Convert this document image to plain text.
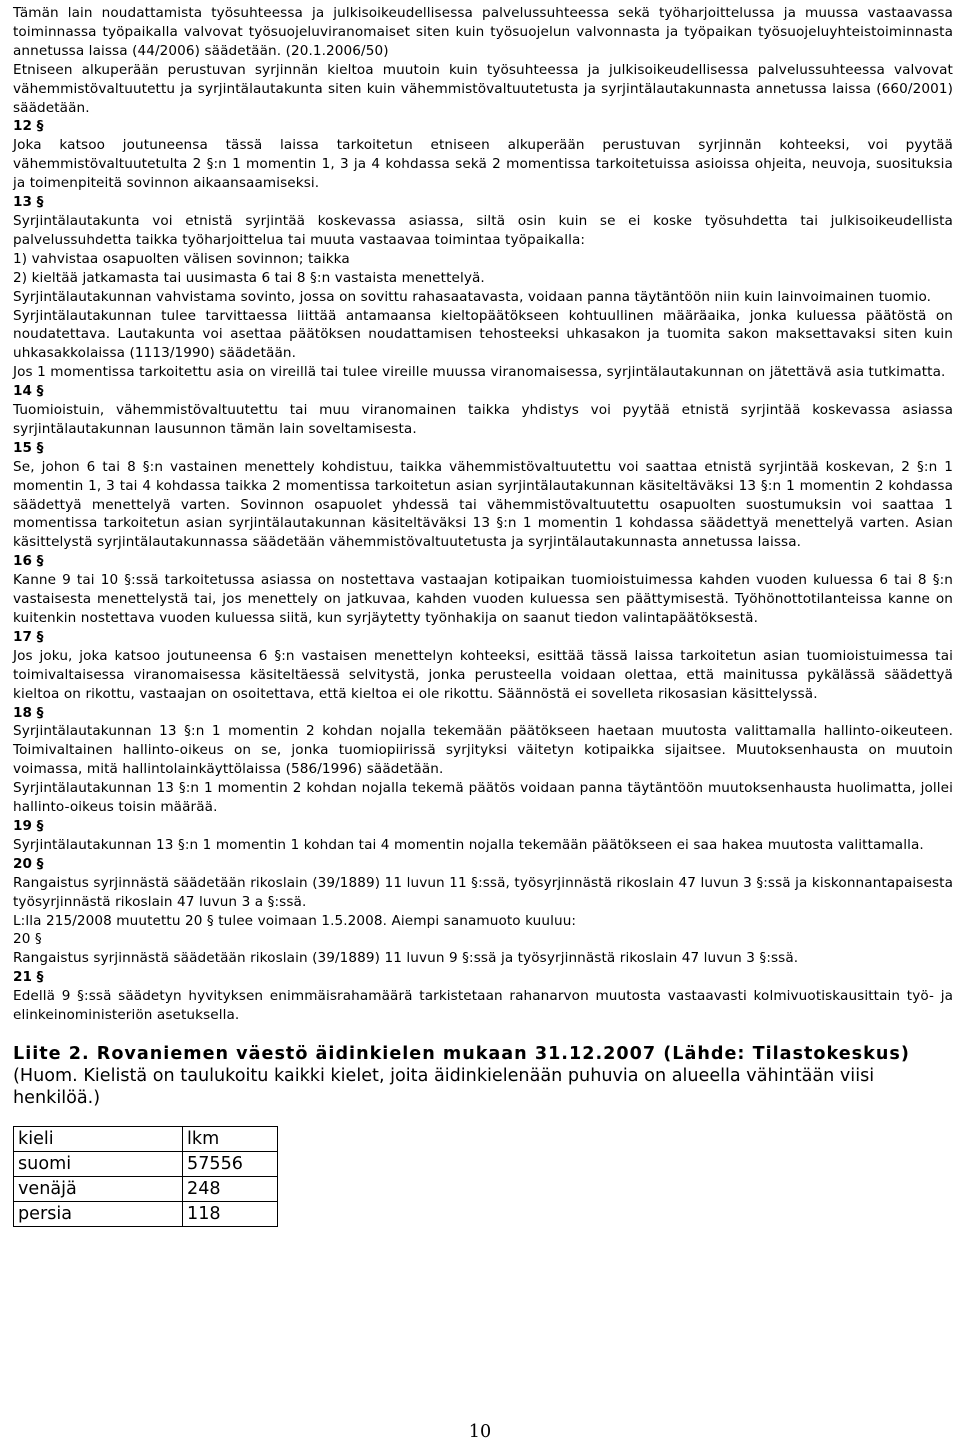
Tämän lain noudattamista työsuhteessa ja julkisoikeudellisessa palvelussuhteessa sekä työharjoittelussa ja muussa vastaavassa toiminnassa työpaikalla valvovat työsuojeluviranomaiset siten kuin työsuojelun valvonnasta ja työpaikan työsuojeluyhteistoiminnasta annetussa laissa (44/2006) säädetään. (20.1.2006/50)

Etniseen alkuperään perustuvan syrjinnän kieltoa muutoin kuin työsuhteessa ja julkisoikeudellisessa palvelussuhteessa valvovat vähemmistövaltuutettu ja syrjintälautakunta siten kuin vähemmistövaltuutetusta ja syrjintälautakunnasta annetussa laissa (660/2001) säädetään.

12 §

Joka katsoo joutuneensa tässä laissa tarkoitetun etniseen alkuperään perustuvan syrjinnän kohteeksi, voi pyytää vähemmistövaltuutetulta 2 §:n 1 momentin 1, 3 ja 4 kohdassa sekä 2 momentissa tarkoitetuissa asioissa ohjeita, neuvoja, suosituksia ja toimenpiteitä sovinnon aikaansaamiseksi.

13 §

Syrjintälautakunta voi etnistä syrjintää koskevassa asiassa, siltä osin kuin se ei koske työsuhdetta tai julkisoikeudellista palvelussuhdetta taikka työharjoittelua tai muuta vastaavaa toimintaa työpaikalla:

1) vahvistaa osapuolten välisen sovinnon; taikka

2) kieltää jatkamasta tai uusimasta 6 tai 8 §:n vastaista menettelyä.

Syrjintälautakunnan vahvistama sovinto, jossa on sovittu rahasaatavasta, voidaan panna täytäntöön niin kuin lainvoimainen tuomio.

Syrjintälautakunnan tulee tarvittaessa liittää antamaansa kieltopäätökseen kohtuullinen määräaika, jonka kuluessa päätöstä on noudatettava. Lautakunta voi asettaa päätöksen noudattamisen tehosteeksi uhkasakon ja tuomita sakon maksettavaksi siten kuin uhkasakkolaissa (1113/1990) säädetään.

Jos 1 momentissa tarkoitettu asia on vireillä tai tulee vireille muussa viranomaisessa, syrjintälautakunnan on jätettävä asia tutkimatta.

14 §

Tuomioistuin, vähemmistövaltuutettu tai muu viranomainen taikka yhdistys voi pyytää etnistä syrjintää koskevassa asiassa syrjintälautakunnan lausunnon tämän lain soveltamisesta.

15 §

Se, johon 6 tai 8 §:n vastainen menettely kohdistuu, taikka vähemmistövaltuutettu voi saattaa etnistä syrjintää koskevan, 2 §:n 1 momentin 1, 3 tai 4 kohdassa taikka 2 momentissa tarkoitetun asian syrjintälautakunnan käsiteltäväksi 13 §:n 1 momentin 2 kohdassa säädettyä menettelyä varten. Sovinnon osapuolet yhdessä tai vähemmistövaltuutettu osapuolten suostumuksin voi saattaa 1 momentissa tarkoitetun asian syrjintälautakunnan käsiteltäväksi 13 §:n 1 momentin 1 kohdassa säädettyä menettelyä varten. Asian käsittelystä syrjintälautakunnassa säädetään vähemmistövaltuutetusta ja syrjintälautakunnasta annetussa laissa.

16 §

Kanne 9 tai 10 §:ssä tarkoitetussa asiassa on nostettava vastaajan kotipaikan tuomioistuimessa kahden vuoden kuluessa 6 tai 8 §:n vastaisesta menettelystä tai, jos menettely on jatkuvaa, kahden vuoden kuluessa sen päättymisestä. Työhönottotilanteissa kanne on kuitenkin nostettava vuoden kuluessa siitä, kun syrjäytetty työnhakija on saanut tiedon valintapäätöksestä.

17 §

Jos joku, joka katsoo joutuneensa 6 §:n vastaisen menettelyn kohteeksi, esittää tässä laissa tarkoitetun asian tuomioistuimessa tai toimivaltaisessa viranomaisessa käsiteltäessä selvitystä, jonka perusteella voidaan olettaa, että mainitussa pykälässä säädettyä kieltoa on rikottu, vastaajan on osoitettava, että kieltoa ei ole rikottu. Säännöstä ei sovelleta rikosasian käsittelyssä.

18 §

Syrjintälautakunnan 13 §:n 1 momentin 2 kohdan nojalla tekemään päätökseen haetaan muutosta valittamalla hallinto-oikeuteen. Toimivaltainen hallinto-oikeus on se, jonka tuomiopiirissä syrjityksi väitetyn kotipaikka sijaitsee. Muutoksenhausta on muutoin voimassa, mitä hallintolainkäyttölaissa (586/1996) säädetään.

Syrjintälautakunnan 13 §:n 1 momentin 2 kohdan nojalla tekemä päätös voidaan panna täytäntöön muutoksenhausta huolimatta, jollei hallinto-oikeus toisin määrää.

19 §

Syrjintälautakunnan 13 §:n 1 momentin 1 kohdan tai 4 momentin nojalla tekemään päätökseen ei saa hakea muutosta valittamalla.

20 §

Rangaistus syrjinnästä säädetään rikoslain (39/1889) 11 luvun 11 §:ssä, työsyrjinnästä rikoslain 47 luvun 3 §:ssä ja kiskonnantapaisesta työsyrjinnästä rikoslain 47 luvun 3 a §:ssä.

L:lla 215/2008 muutettu 20 § tulee voimaan 1.5.2008. Aiempi sanamuoto kuuluu:

20 §

Rangaistus syrjinnästä säädetään rikoslain (39/1889) 11 luvun 9 §:ssä ja työsyrjinnästä rikoslain 47 luvun 3 §:ssä.

21 §

Edellä 9 §:ssä säädetyn hyvityksen enimmäisrahamäärä tarkistetaan rahanarvon muutosta vastaavasti kolmivuotiskausittain työ- ja elinkeinoministeriön asetuksella.

Liite 2. Rovaniemen väestö äidinkielen mukaan 31.12.2007 (Lähde: Tilastokeskus) (Huom. Kielistä on taulukoitu kaikki kielet, joita äidinkielenään puhuvia on alueella vähintään viisi henkilöä.)
kieli	lkm
suomi	57556
venäjä	248
persia	118
10
